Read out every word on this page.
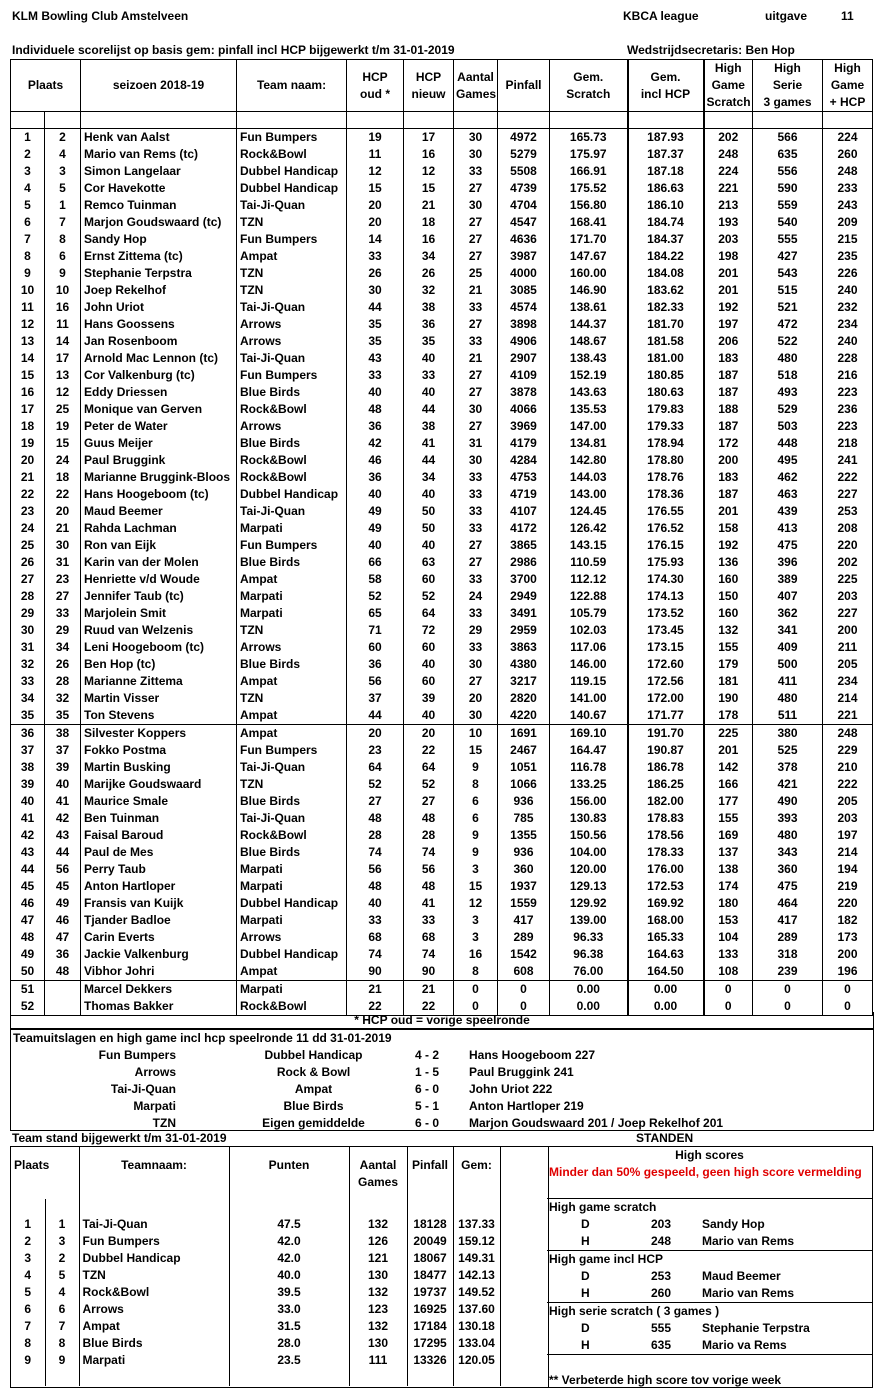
KLM Bowling Club Amstelveen	KBCA league	uitgave	11
Individuele scorelijst op basis gem: pinfall incl HCP bijgewerkt t/m 31-01-2019	Wedstrijdsecretaris: Ben Hop
Plaats		seizoen 2018-19	Team naam:	HCP
oud *	HCP
nieuw	Aantal
Games	Pinfall	Gem.
Scratch	Gem.
incl HCP	High
Game
Scratch	High
Serie
3 games	High
Game
+ HCP

1	2	Henk van Aalst	Fun Bumpers	19	17	30	4972	165.73	187.93	202	566	224
2	4	Mario van Rems (tc)	Rock&Bowl	11	16	30	5279	175.97	187.37	248	635	260
3	3	Simon Langelaar	Dubbel Handicap	12	12	33	5508	166.91	187.18	224	556	248
4	5	Cor Havekotte	Dubbel Handicap	15	15	27	4739	175.52	186.63	221	590	233
5	1	Remco Tuinman	Tai-Ji-Quan	20	21	30	4704	156.80	186.10	213	559	243
6	7	Marjon Goudswaard (tc)	TZN	20	18	27	4547	168.41	184.74	193	540	209
7	8	Sandy Hop	Fun Bumpers	14	16	27	4636	171.70	184.37	203	555	215
8	6	Ernst Zittema (tc)	Ampat	33	34	27	3987	147.67	184.22	198	427	235
9	9	Stephanie Terpstra	TZN	26	26	25	4000	160.00	184.08	201	543	226
10	10	Joep Rekelhof	TZN	30	32	21	3085	146.90	183.62	201	515	240
11	16	John Uriot	Tai-Ji-Quan	44	38	33	4574	138.61	182.33	192	521	232
12	11	Hans Goossens	Arrows	35	36	27	3898	144.37	181.70	197	472	234
13	14	Jan Rosenboom	Arrows	35	35	33	4906	148.67	181.58	206	522	240
14	17	Arnold Mac Lennon (tc)	Tai-Ji-Quan	43	40	21	2907	138.43	181.00	183	480	228
15	13	Cor Valkenburg (tc)	Fun Bumpers	33	33	27	4109	152.19	180.85	187	518	216
16	12	Eddy Driessen	Blue Birds	40	40	27	3878	143.63	180.63	187	493	223
17	25	Monique van Gerven	Rock&Bowl	48	44	30	4066	135.53	179.83	188	529	236
18	19	Peter de Water	Arrows	36	38	27	3969	147.00	179.33	187	503	223
19	15	Guus Meijer	Blue Birds	42	41	31	4179	134.81	178.94	172	448	218
20	24	Paul Bruggink	Rock&Bowl	46	44	30	4284	142.80	178.80	200	495	241
21	18	Marianne Bruggink-Bloos	Rock&Bowl	36	34	33	4753	144.03	178.76	183	462	222
22	22	Hans Hoogeboom (tc)	Dubbel Handicap	40	40	33	4719	143.00	178.36	187	463	227
23	20	Maud Beemer	Tai-Ji-Quan	49	50	33	4107	124.45	176.55	201	439	253
24	21	Rahda Lachman	Marpati	49	50	33	4172	126.42	176.52	158	413	208
25	30	Ron van Eijk	Fun Bumpers	40	40	27	3865	143.15	176.15	192	475	220
26	31	Karin van der Molen	Blue Birds	66	63	27	2986	110.59	175.93	136	396	202
27	23	Henriette v/d Woude	Ampat	58	60	33	3700	112.12	174.30	160	389	225
28	27	Jennifer Taub (tc)	Marpati	52	52	24	2949	122.88	174.13	150	407	203
29	33	Marjolein Smit	Marpati	65	64	33	3491	105.79	173.52	160	362	227
30	29	Ruud van Welzenis	TZN	71	72	29	2959	102.03	173.45	132	341	200
31	34	Leni Hoogeboom (tc)	Arrows	60	60	33	3863	117.06	173.15	155	409	211
32	26	Ben Hop (tc)	Blue Birds	36	40	30	4380	146.00	172.60	179	500	205
33	28	Marianne Zittema	Ampat	56	60	27	3217	119.15	172.56	181	411	234
34	32	Martin Visser	TZN	37	39	20	2820	141.00	172.00	190	480	214
35	35	Ton Stevens	Ampat	44	40	30	4220	140.67	171.77	178	511	221
36	38	Silvester Koppers	Ampat	20	20	10	1691	169.10	191.70	225	380	248
37	37	Fokko Postma	Fun Bumpers	23	22	15	2467	164.47	190.87	201	525	229
38	39	Martin Busking	Tai-Ji-Quan	64	64	9	1051	116.78	186.78	142	378	210
39	40	Marijke Goudswaard	TZN	52	52	8	1066	133.25	186.25	166	421	222
40	41	Maurice Smale	Blue Birds	27	27	6	936	156.00	182.00	177	490	205
41	42	Ben Tuinman	Tai-Ji-Quan	48	48	6	785	130.83	178.83	155	393	203
42	43	Faisal Baroud	Rock&Bowl	28	28	9	1355	150.56	178.56	169	480	197
43	44	Paul de Mes	Blue Birds	74	74	9	936	104.00	178.33	137	343	214
44	56	Perry Taub	Marpati	56	56	3	360	120.00	176.00	138	360	194
45	45	Anton Hartloper	Marpati	48	48	15	1937	129.13	172.53	174	475	219
46	49	Fransis van Kuijk	Dubbel Handicap	40	41	12	1559	129.92	169.92	180	464	220
47	46	Tjander Badloe	Marpati	33	33	3	417	139.00	168.00	153	417	182
48	47	Carin Everts	Arrows	68	68	3	289	96.33	165.33	104	289	173
49	36	Jackie Valkenburg	Dubbel Handicap	74	74	16	1542	96.38	164.63	133	318	200
50	48	Vibhor Johri	Ampat	90	90	8	608	76.00	164.50	108	239	196
51		Marcel Dekkers	Marpati	21	21	0	0	0.00	0.00	0	0	0
52		Thomas Bakker	Rock&Bowl	22	22	0	0	0.00	0.00	0	0	0
* HCP oud = vorige speelronde
Teamuitslagen en high game incl hcp speelronde 11 dd 31-01-2019
Fun Bumpers	Dubbel Handicap	4 - 2	Hans Hoogeboom 227
Arrows	Rock & Bowl	1 - 5	Paul Bruggink 241
Tai-Ji-Quan	Ampat	6 - 0	John Uriot 222
Marpati	Blue Birds	5 - 1	Anton Hartloper 219
TZN	Eigen gemiddelde	6 - 0	Marjon Goudswaard 201 / Joep Rekelhof 201
Team stand bijgewerkt t/m 31-01-2019	STANDEN
Plaats		Teamnaam:	Punten	Aantal
Games	Pinfall	Gem:	

1	1	Tai-Ji-Quan	47.5	132	18128	137.33	
2	3	Fun Bumpers	42.0	126	20049	159.12	
3	2	Dubbel Handicap	42.0	121	18067	149.31	
4	5	TZN	40.0	130	18477	142.13	
5	4	Rock&Bowl	39.5	132	19737	149.52	
6	6	Arrows	33.0	123	16925	137.60	
7	7	Ampat	31.5	132	17184	130.18	
8	8	Blue Birds	28.0	130	17295	133.04	
9	9	Marpati	23.5	111	13326	120.05	

High scores
Minder dan 50% gespeeld, geen high score vermelding
High game scratch
D	203	Sandy Hop
H	248	Mario van Rems
High game incl HCP
D	253	Maud Beemer
H	260	Mario van Rems
High serie scratch ( 3 games )
D	555	Stephanie Terpstra
H	635	Mario va Rems
** Verbeterde high score tov vorige week
